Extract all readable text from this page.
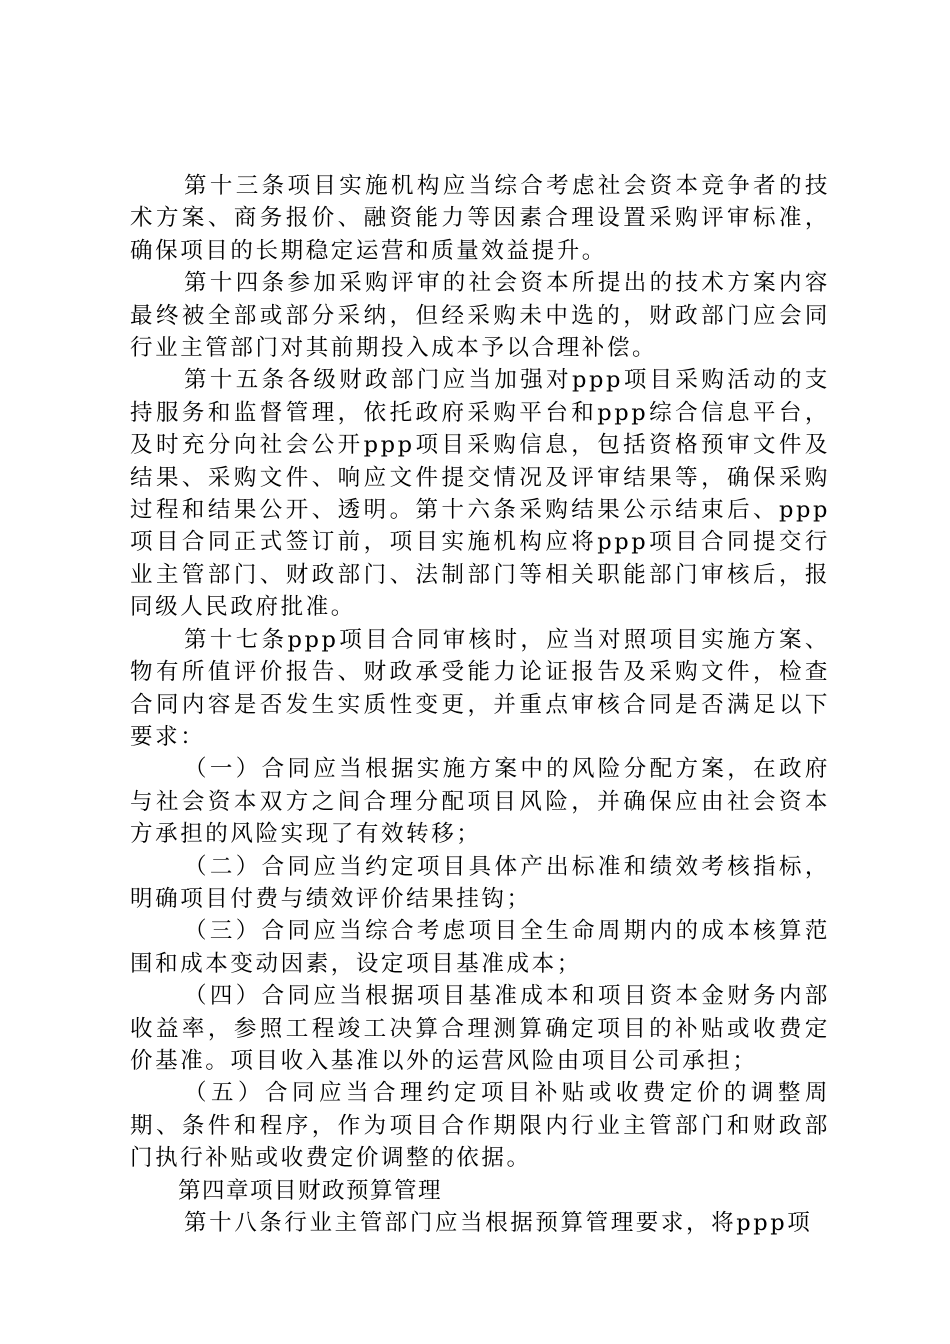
第十三条项目实施机构应当综合考虑社会资本竞争者的技术方案、商务报价、融资能力等因素合理设置采购评审标准，确保项目的长期稳定运营和质量效益提升。

第十四条参加采购评审的社会资本所提出的技术方案内容最终被全部或部分采纳，但经采购未中选的，财政部门应会同行业主管部门对其前期投入成本予以合理补偿。

第十五条各级财政部门应当加强对ppp项目采购活动的支持服务和监督管理，依托政府采购平台和ppp综合信息平台，及时充分向社会公开ppp项目采购信息，包括资格预审文件及结果、采购文件、响应文件提交情况及评审结果等，确保采购过程和结果公开、透明。第十六条采购结果公示结束后、ppp项目合同正式签订前，项目实施机构应将ppp项目合同提交行业主管部门、财政部门、法制部门等相关职能部门审核后，报同级人民政府批准。

第十七条ppp项目合同审核时，应当对照项目实施方案、物有所值评价报告、财政承受能力论证报告及采购文件，检查合同内容是否发生实质性变更，并重点审核合同是否满足以下要求：

（一）合同应当根据实施方案中的风险分配方案，在政府与社会资本双方之间合理分配项目风险，并确保应由社会资本方承担的风险实现了有效转移；

（二）合同应当约定项目具体产出标准和绩效考核指标，明确项目付费与绩效评价结果挂钩；

（三）合同应当综合考虑项目全生命周期内的成本核算范围和成本变动因素，设定项目基准成本；

（四）合同应当根据项目基准成本和项目资本金财务内部收益率，参照工程竣工决算合理测算确定项目的补贴或收费定价基准。项目收入基准以外的运营风险由项目公司承担；

（五）合同应当合理约定项目补贴或收费定价的调整周期、条件和程序，作为项目合作期限内行业主管部门和财政部门执行补贴或收费定价调整的依据。

第四章项目财政预算管理

第十八条行业主管部门应当根据预算管理要求，将ppp项
